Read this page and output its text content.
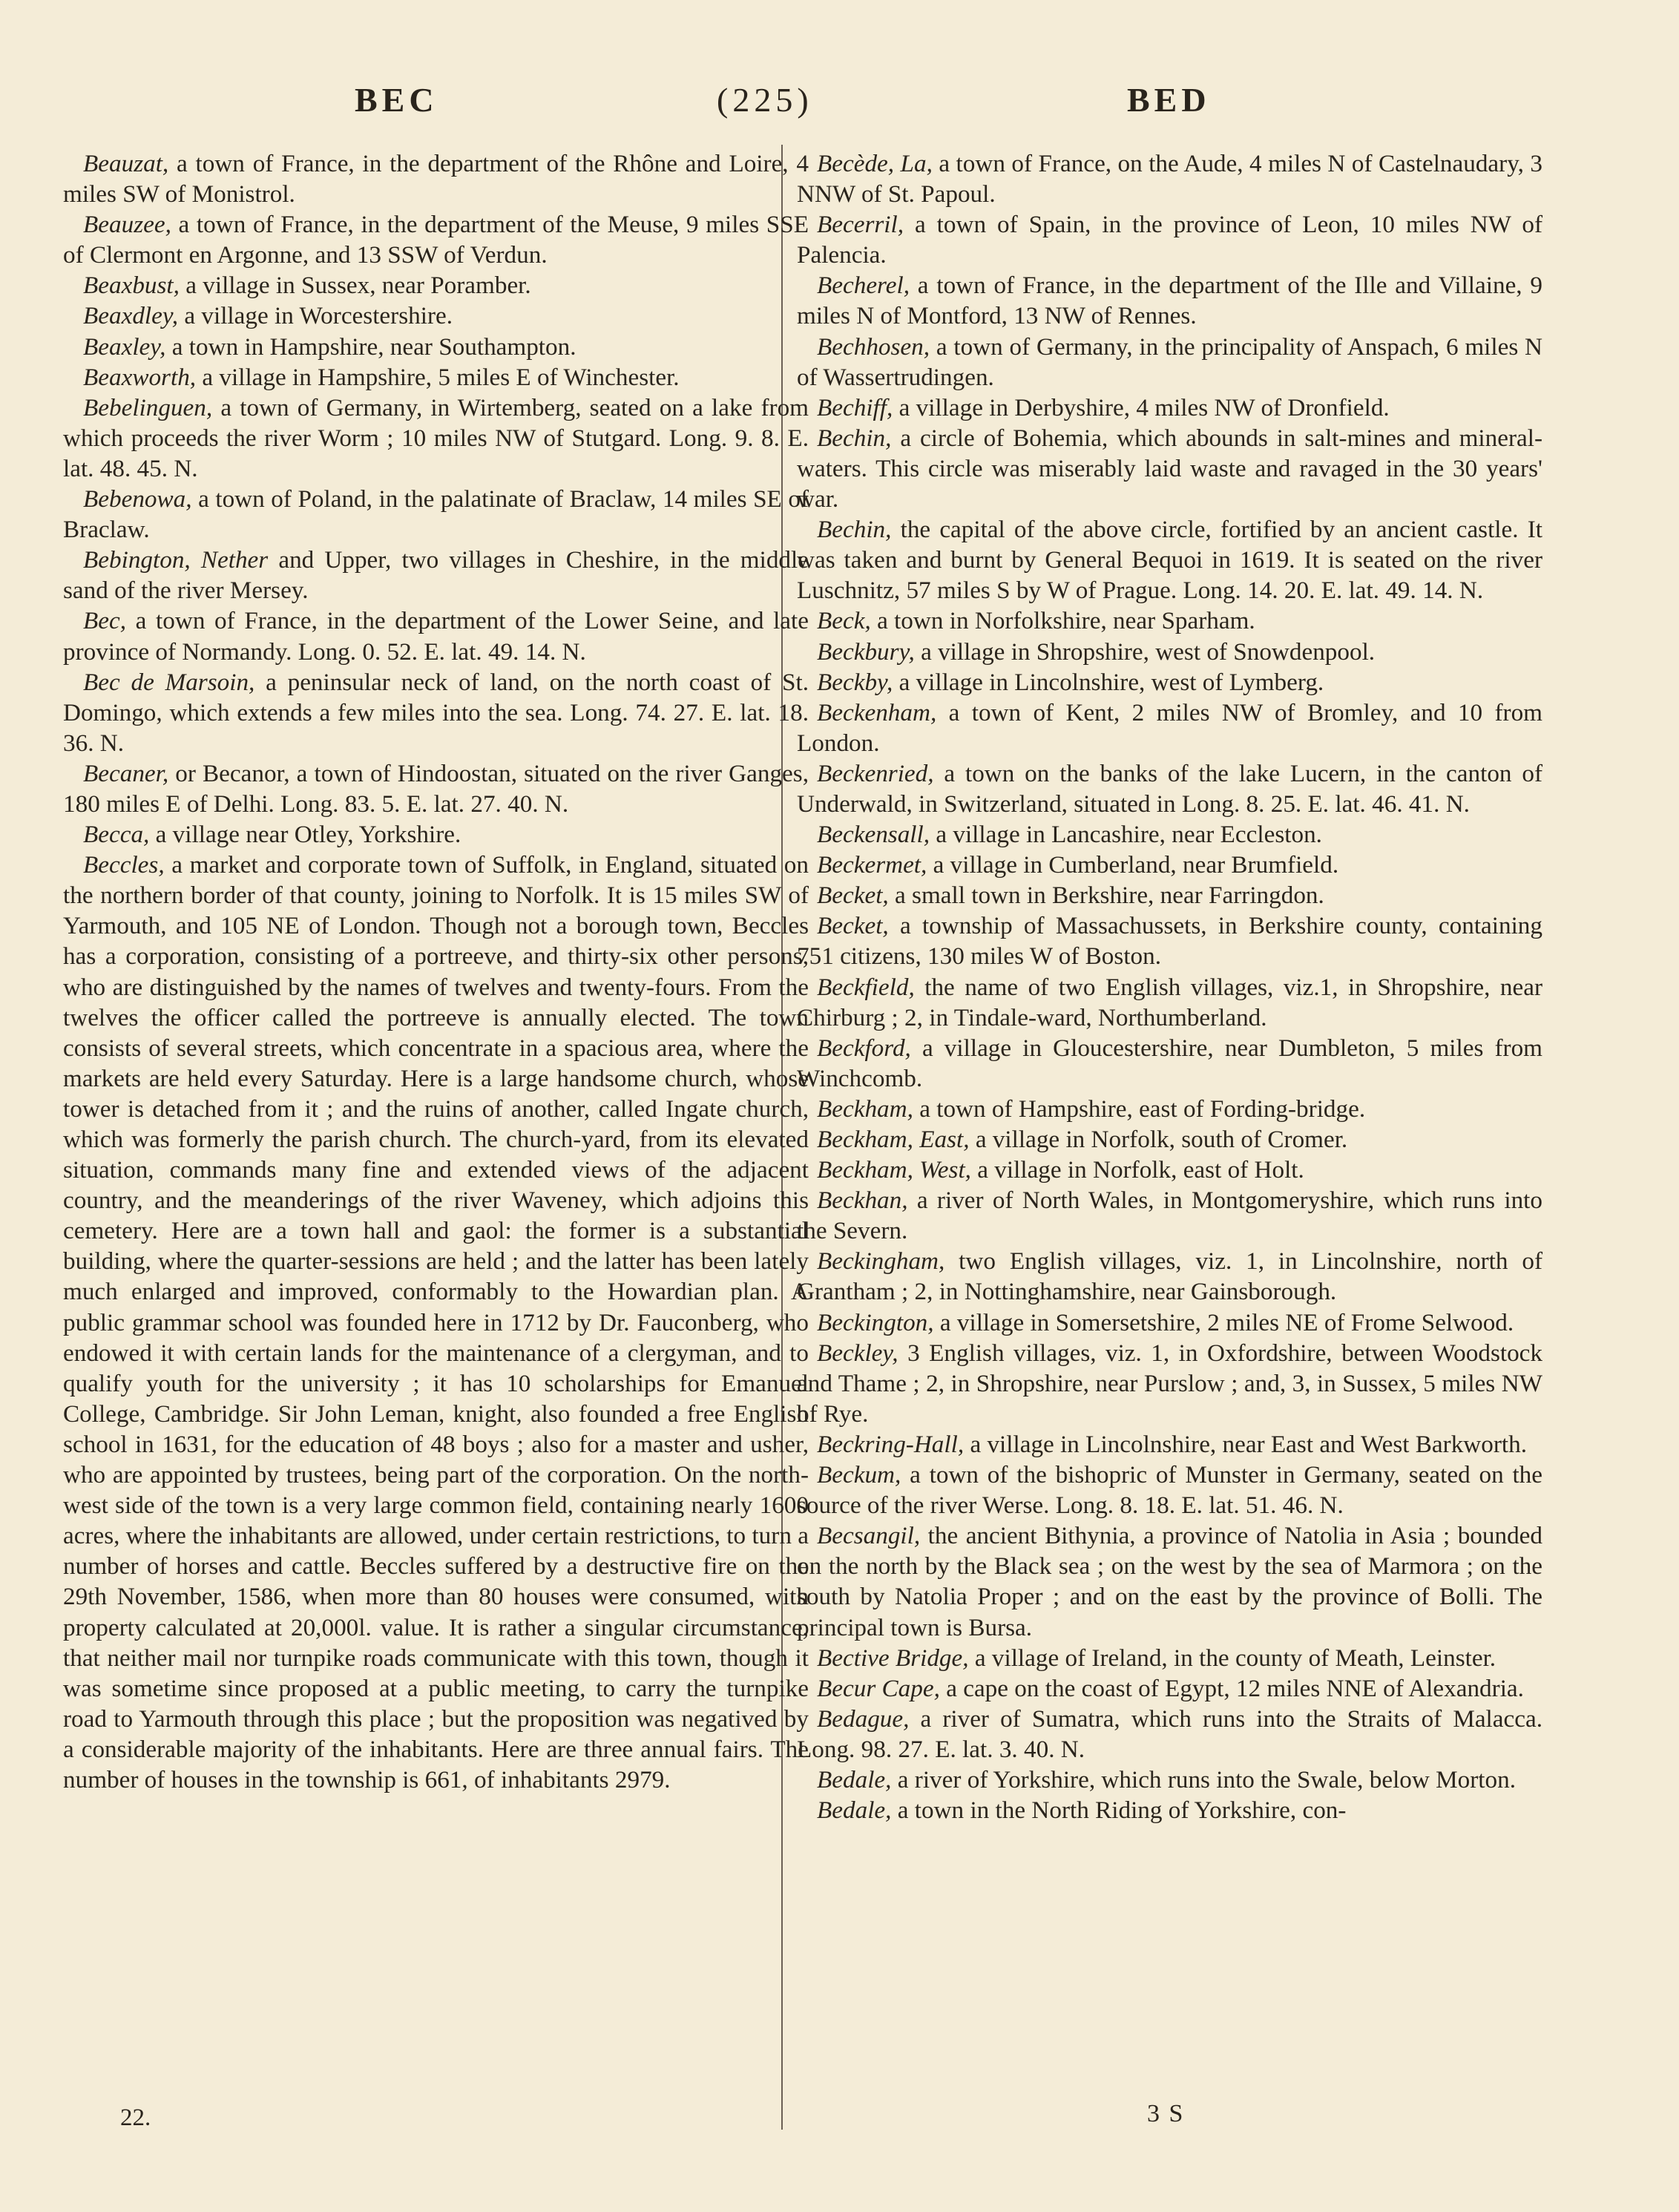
BEC	(225)	BED

Beauzat, a town of France, in the department of the Rhône and Loire, 4 miles SW of Monistrol.

Beauzee, a town of France, in the department of the Meuse, 9 miles SSE of Clermont en Argonne, and 13 SSW of Verdun.

Beaxbust, a village in Sussex, near Poramber.

Beaxdley, a village in Worcestershire.

Beaxley, a town in Hampshire, near Southampton.

Beaxworth, a village in Hampshire, 5 miles E of Winchester.

Bebelinguen, a town of Germany, in Wirtemberg, seated on a lake from which proceeds the river Worm ; 10 miles NW of Stutgard. Long. 9. 8. E. lat. 48. 45. N.

Bebenowa, a town of Poland, in the palatinate of Braclaw, 14 miles SE of Braclaw.

Bebington, Nether and Upper, two villages in Cheshire, in the middle sand of the river Mersey.

Bec, a town of France, in the department of the Lower Seine, and late province of Normandy. Long. 0. 52. E. lat. 49. 14. N.

Bec de Marsoin, a peninsular neck of land, on the north coast of St. Domingo, which extends a few miles into the sea. Long. 74. 27. E. lat. 18. 36. N.

Becaner, or Becanor, a town of Hindoostan, situated on the river Ganges, 180 miles E of Delhi. Long. 83. 5. E. lat. 27. 40. N.

Becca, a village near Otley, Yorkshire.

Beccles, a market and corporate town of Suffolk, in England, situated on the northern border of that county, joining to Norfolk. It is 15 miles SW of Yarmouth, and 105 NE of London. Though not a borough town, Beccles has a corporation, consisting of a portreeve, and thirty-six other persons, who are distinguished by the names of twelves and twenty-fours. From the twelves the officer called the portreeve is annually elected. The town consists of several streets, which concentrate in a spacious area, where the markets are held every Saturday. Here is a large handsome church, whose tower is detached from it ; and the ruins of another, called Ingate church, which was formerly the parish church. The church-yard, from its elevated situation, commands many fine and extended views of the adjacent country, and the meanderings of the river Waveney, which adjoins this cemetery. Here are a town hall and gaol: the former is a substantial building, where the quarter-sessions are held ; and the latter has been lately much enlarged and improved, conformably to the Howardian plan. A public grammar school was founded here in 1712 by Dr. Fauconberg, who endowed it with certain lands for the maintenance of a clergyman, and to qualify youth for the university ; it has 10 scholarships for Emanuel College, Cambridge. Sir John Leman, knight, also founded a free English school in 1631, for the education of 48 boys ; also for a master and usher, who are appointed by trustees, being part of the corporation. On the north-west side of the town is a very large common field, containing nearly 1600 acres, where the inhabitants are allowed, under certain restrictions, to turn a number of horses and cattle. Beccles suffered by a destructive fire on the 29th November, 1586, when more than 80 houses were consumed, with property calculated at 20,000l. value. It is rather a singular circumstance, that neither mail nor turnpike roads communicate with this town, though it was sometime since proposed at a public meeting, to carry the turnpike road to Yarmouth through this place ; but the proposition was negatived by a considerable majority of the inhabitants. Here are three annual fairs. The number of houses in the township is 661, of inhabitants 2979.

Becède, La, a town of France, on the Aude, 4 miles N of Castelnaudary, 3 NNW of St. Papoul.

Becerril, a town of Spain, in the province of Leon, 10 miles NW of Palencia.

Becherel, a town of France, in the department of the Ille and Villaine, 9 miles N of Montford, 13 NW of Rennes.

Bechhosen, a town of Germany, in the principality of Anspach, 6 miles N of Wassertrudingen.

Bechiff, a village in Derbyshire, 4 miles NW of Dronfield.

Bechin, a circle of Bohemia, which abounds in salt-mines and mineral-waters. This circle was miserably laid waste and ravaged in the 30 years' war.

Bechin, the capital of the above circle, fortified by an ancient castle. It was taken and burnt by General Bequoi in 1619. It is seated on the river Luschnitz, 57 miles S by W of Prague. Long. 14. 20. E. lat. 49. 14. N.

Beck, a town in Norfolkshire, near Sparham.

Beckbury, a village in Shropshire, west of Snowdenpool.

Beckby, a village in Lincolnshire, west of Lymberg.

Beckenham, a town of Kent, 2 miles NW of Bromley, and 10 from London.

Beckenried, a town on the banks of the lake Lucern, in the canton of Underwald, in Switzerland, situated in Long. 8. 25. E. lat. 46. 41. N.

Beckensall, a village in Lancashire, near Eccleston.

Beckermet, a village in Cumberland, near Brumfield.

Becket, a small town in Berkshire, near Farringdon.

Becket, a township of Massachussets, in Berkshire county, containing 751 citizens, 130 miles W of Boston.

Beckfield, the name of two English villages, viz.1, in Shropshire, near Chirburg ; 2, in Tindale-ward, Northumberland.

Beckford, a village in Gloucestershire, near Dumbleton, 5 miles from Winchcomb.

Beckham, a town of Hampshire, east of Fording-bridge.

Beckham, East, a village in Norfolk, south of Cromer.

Beckham, West, a village in Norfolk, east of Holt.

Beckhan, a river of North Wales, in Montgomeryshire, which runs into the Severn.

Beckingham, two English villages, viz. 1, in Lincolnshire, north of Grantham ; 2, in Nottinghamshire, near Gainsborough.

Beckington, a village in Somersetshire, 2 miles NE of Frome Selwood.

Beckley, 3 English villages, viz. 1, in Oxfordshire, between Woodstock and Thame ; 2, in Shropshire, near Purslow ; and, 3, in Sussex, 5 miles NW of Rye.

Beckring-Hall, a village in Lincolnshire, near East and West Barkworth.

Beckum, a town of the bishopric of Munster in Germany, seated on the source of the river Werse. Long. 8. 18. E. lat. 51. 46. N.

Becsangil, the ancient Bithynia, a province of Natolia in Asia ; bounded on the north by the Black sea ; on the west by the sea of Marmora ; on the south by Natolia Proper ; and on the east by the province of Bolli. The principal town is Bursa.

Bective Bridge, a village of Ireland, in the county of Meath, Leinster.

Becur Cape, a cape on the coast of Egypt, 12 miles NNE of Alexandria.

Bedague, a river of Sumatra, which runs into the Straits of Malacca. Long. 98. 27. E. lat. 3. 40. N.

Bedale, a river of Yorkshire, which runs into the Swale, below Morton.

Bedale, a town in the North Riding of Yorkshire, con-

22.	3 S
